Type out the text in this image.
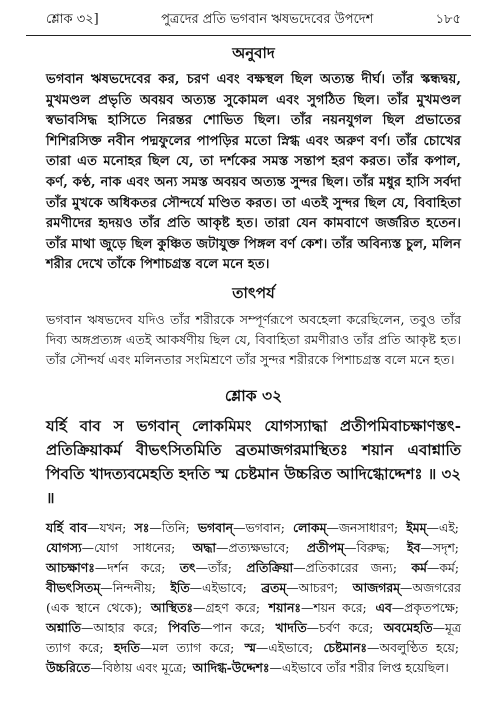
শ্লোক ৩২]	পুত্রদের প্রতি ভগবান ঋষভদেবের উপদেশ	১৮৫
অনুবাদ

ভগবান ঋষভদেবের কর, চরণ এবং বক্ষস্থল ছিল অত্যন্ত দীর্ঘ। তাঁর স্কন্ধদ্বয়, মুখমণ্ডল প্রভৃতি অবয়ব অত্যন্ত সুকোমল এবং সুগঠিত ছিল। তাঁর মুখমণ্ডল স্বভাবসিদ্ধ হাসিতে নিরন্তর শোভিত ছিল। তাঁর নয়নযুগল ছিল প্রভাতের শিশিরসিক্ত নবীন পদ্মফুলের পাপড়ির মতো স্নিগ্ধ এবং অরুণ বর্ণ। তাঁর চোখের তারা এত মনোহর ছিল যে, তা দর্শকের সমস্ত সন্তাপ হরণ করত। তাঁর কপাল, কর্ণ, কণ্ঠ, নাক এবং অন্য সমস্ত অবয়ব অত্যন্ত সুন্দর ছিল। তাঁর মধুর হাসি সর্বদা তাঁর মুখকে অধিকতর সৌন্দর্যে মণ্ডিত করত। তা এতই সুন্দর ছিল যে, বিবাহিতা রমণীদের হৃদয়ও তাঁর প্রতি আকৃষ্ট হত। তারা যেন কামবাণে জর্জরিত হতেন। তাঁর মাথা জুড়ে ছিল কুঞ্চিত জটাযুক্ত পিঙ্গল বর্ণ কেশ। তাঁর অবিন্যস্ত চুল, মলিন শরীর দেখে তাঁকে পিশাচগ্রস্ত বলে মনে হত।

তাৎপর্য

ভগবান ঋষভদেব যদিও তাঁর শরীরকে সম্পূর্ণরূপে অবহেলা করেছিলেন, তবুও তাঁর দিব্য অঙ্গপ্রত্যঙ্গ এতই আকর্ষণীয় ছিল যে, বিবাহিতা রমণীরাও তাঁর প্রতি আকৃষ্ট হত। তাঁর সৌন্দর্য এবং মলিনতার সংমিশ্রণে তাঁর সুন্দর শরীরকে পিশাচগ্রস্ত বলে মনে হত।

শ্লোক ৩২

যর্হি বাব স ভগবান্ লোকমিমং যোগস্যাদ্ধা প্রতীপমিবাচক্ষাণস্তৎ-প্রতিক্রিয়াকর্ম বীভৎসিতমিতি ব্রতমাজগরমাস্থিতঃ শয়ান এবাশ্নাতি পিবতি খাদত্যবমেহতি হদতি স্ম চেষ্টমান উচ্চরিত আদিগ্ধোদ্দেশঃ ॥ ৩২ ॥

যর্হি বাব—যখন; সঃ—তিনি; ভগবান্—ভগবান; লোকম্—জনসাধারণ; ইমম্—এই; যোগস্য—যোগ সাধনের; অদ্ধা—প্রত্যক্ষভাবে; প্রতীপম্—বিরুদ্ধ; ইব—সদৃশ; আচক্ষাণঃ—দর্শন করে; তৎ—তাঁর; প্রতিক্রিয়া—প্রতিকারের জন্য; কর্ম—কর্ম; বীভৎসিতম্—নিন্দনীয়; ইতি—এইভাবে; ব্রতম্—আচরণ; আজগরম্—অজগরের (এক স্থানে থেকে); আস্থিতঃ—গ্রহণ করে; শয়ানঃ—শয়ন করে; এব—প্রকৃতপক্ষে; অশ্নাতি—আহার করে; পিবতি—পান করে; খাদতি—চর্বণ করে; অবমেহতি—মূত্র ত্যাগ করে; হদতি—মল ত্যাগ করে; স্ম—এইভাবে; চেষ্টমানঃ—অবলুণ্ঠিত হয়ে; উচ্চরিতে—বিষ্ঠায় এবং মূত্রে; আদিগ্ধ-উদ্দেশঃ—এইভাবে তাঁর শরীর লিপ্ত হয়েছিল।
